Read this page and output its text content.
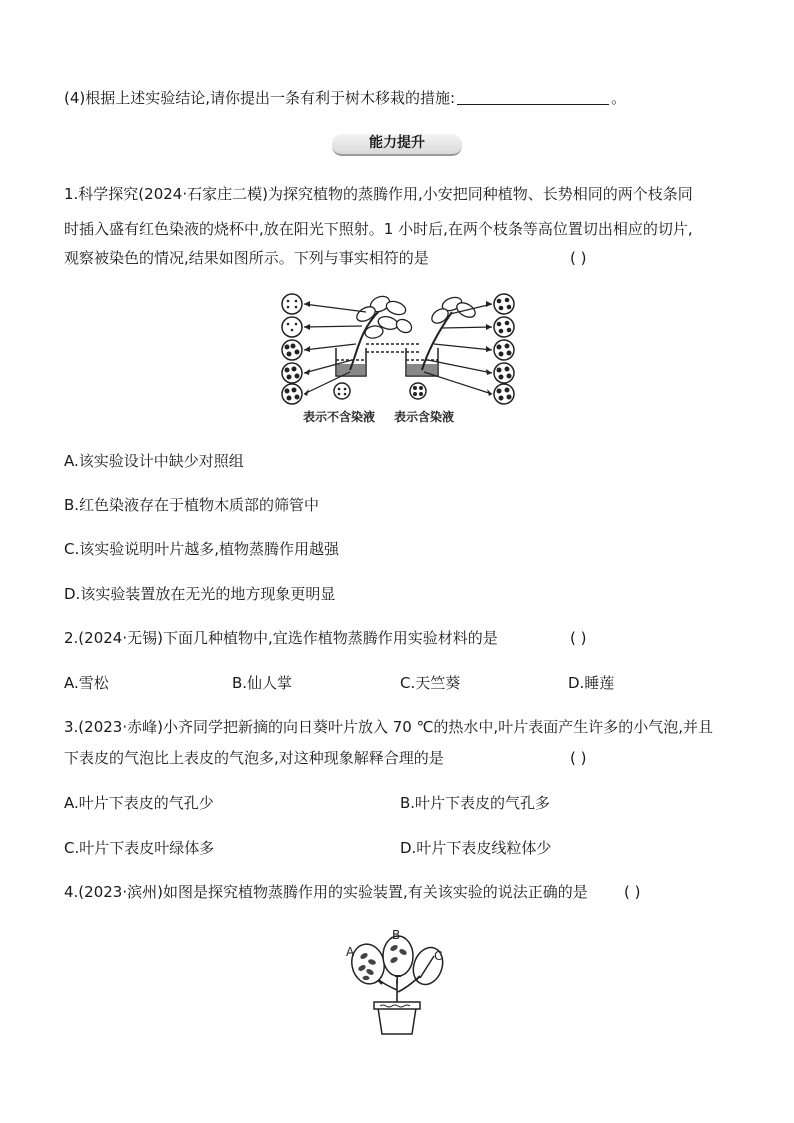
(4)根据上述实验结论,请你提出一条有利于树木移栽的措施:	。
能力提升
1.科学探究(2024·石家庄二模)为探究植物的蒸腾作用,小安把同种植物、长势相同的两个枝条同
时插入盛有红色染液的烧杯中,放在阳光下照射。1 小时后,在两个枝条等高位置切出相应的切片,
观察被染色的情况,结果如图所示。下列与事实相符的是	( )
表示不含染液 表示含染液
A.该实验设计中缺少对照组
B.红色染液存在于植物木质部的筛管中
C.该实验说明叶片越多,植物蒸腾作用越强
D.该实验装置放在无光的地方现象更明显
2.(2024·无锡)下面几种植物中,宜选作植物蒸腾作用实验材料的是	( )
A.雪松	B.仙人掌	C.天竺葵	D.睡莲
3.(2023·赤峰)小齐同学把新摘的向日葵叶片放入 70 ℃的热水中,叶片表面产生许多的小气泡,并且
下表皮的气泡比上表皮的气泡多,对这种现象解释合理的是	( )
A.叶片下表皮的气孔少	B.叶片下表皮的气孔多
C.叶片下表皮叶绿体多	D.叶片下表皮线粒体少
4.(2023·滨州)如图是探究植物蒸腾作用的实验装置,有关该实验的说法正确的是 ( )
A
B
C
